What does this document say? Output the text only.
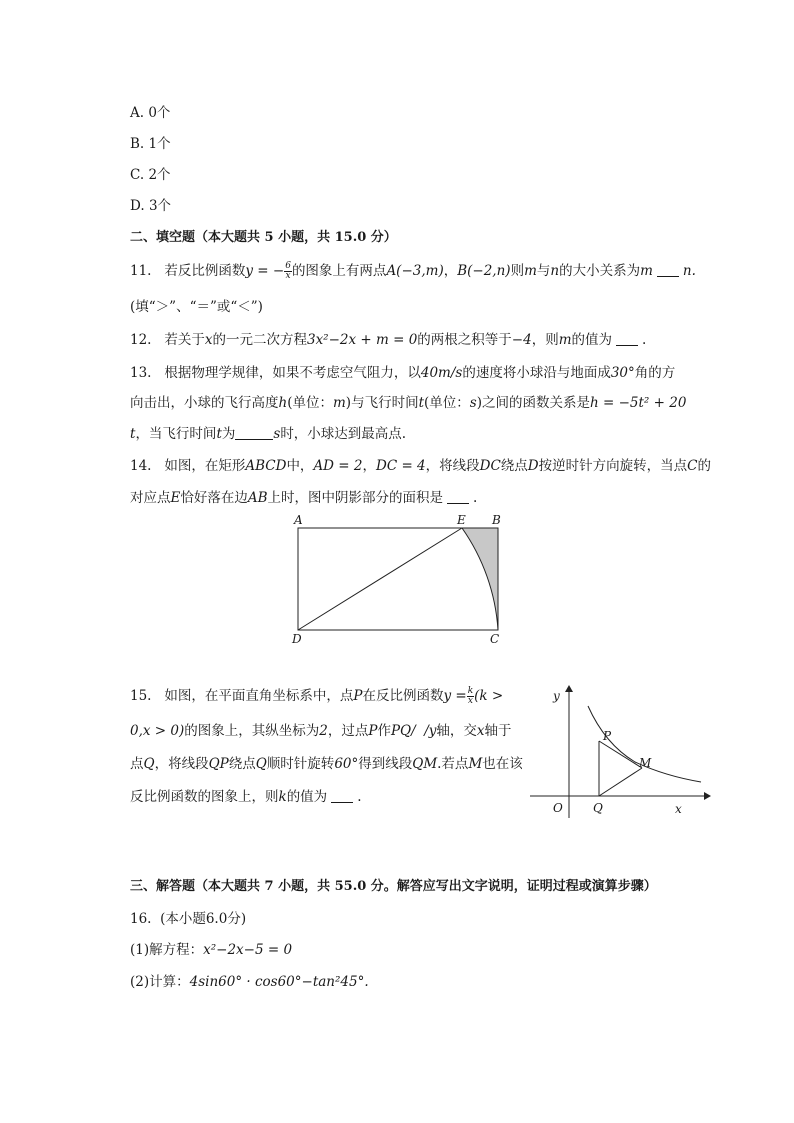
A. 0个
B. 1个
C. 2个
D. 3个
二、填空题（本大题共 5 小题，共 15.0 分）
11. 若反比例函数y = − $\frac{6}{x}$ 的图象上有两点A(−3,m)，B(−2,n)则m与n的大小关系为m n.
(填“＞”、“＝”或“＜”)
12. 若关于x的一元二次方程3x²−2x + m = 0的两根之积等于−4，则m的值为 .
13. 根据物理学规律，如果不考虑空气阻力，以40m/s的速度将小球沿与地面成30°角的方
向击出，小球的飞行高度h(单位：m)与飞行时间t(单位：s)之间的函数关系是h = −5t² + 20
t，当飞行时间t为	s时，小球达到最高点.
14. 如图，在矩形ABCD中，AD = 2，DC = 4，将线段DC绕点D按逆时针方向旋转，当点C的
对应点E恰好落在边AB上时，图中阴影部分的面积是 .
A	E B
D	C
15. 如图，在平面直角坐标系中，点P在反比例函数$y = \frac{k}{x} (k$ >
0,x > 0)的图象上，其纵坐标为2，过点P作PQ/ /y轴，交x轴于
点Q，将线段QP绕点Q顺时针旋转60°得到线段QM.若点M也在该
反比例函数的图象上，则k的值为 .
y
x
O	Q
P
M
三、解答题（本大题共 7 小题，共 55.0 分。解答应写出文字说明，证明过程或演算步骤）
16. (本小题6.0分)
(1)解方程：x²−2x−5 = 0
(2)计算：4sin60° · cos60°−tan²45°.
